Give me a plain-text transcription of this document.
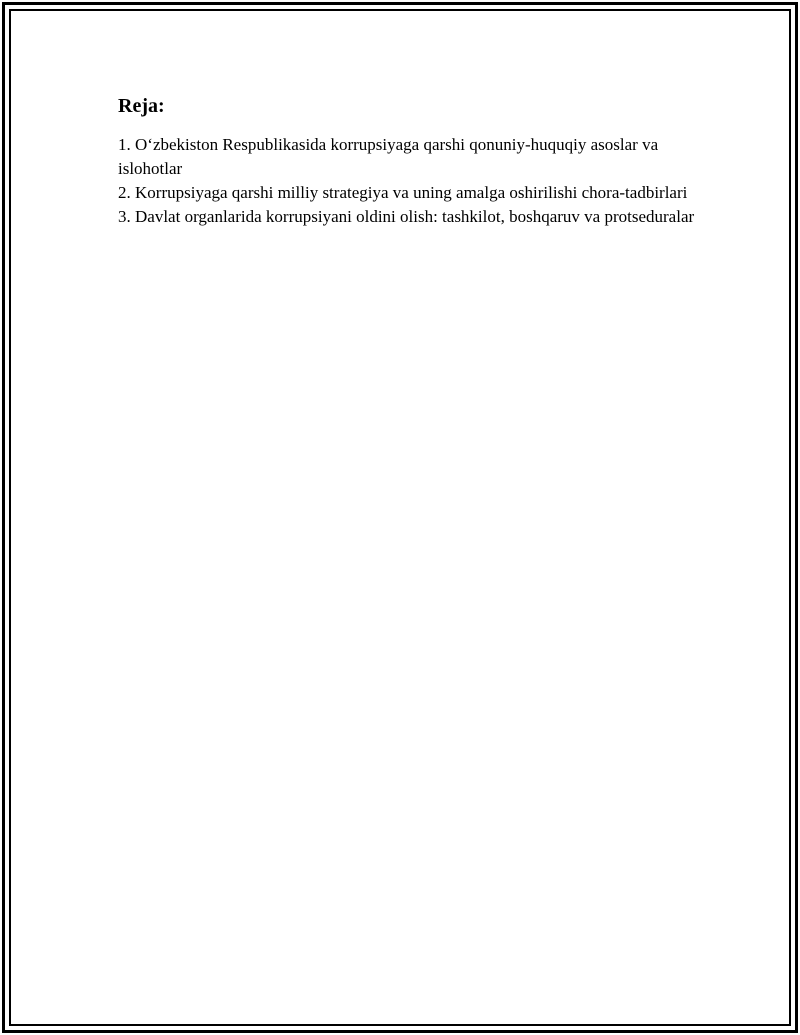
Reja:
1. O‘zbekiston Respublikasida korrupsiyaga qarshi qonuniy-huquqiy asoslar va islohotlar
2. Korrupsiyaga qarshi milliy strategiya va uning amalga oshirilishi chora-tadbirlari
3. Davlat organlarida korrupsiyani oldini olish: tashkilot, boshqaruv va protseduralar
